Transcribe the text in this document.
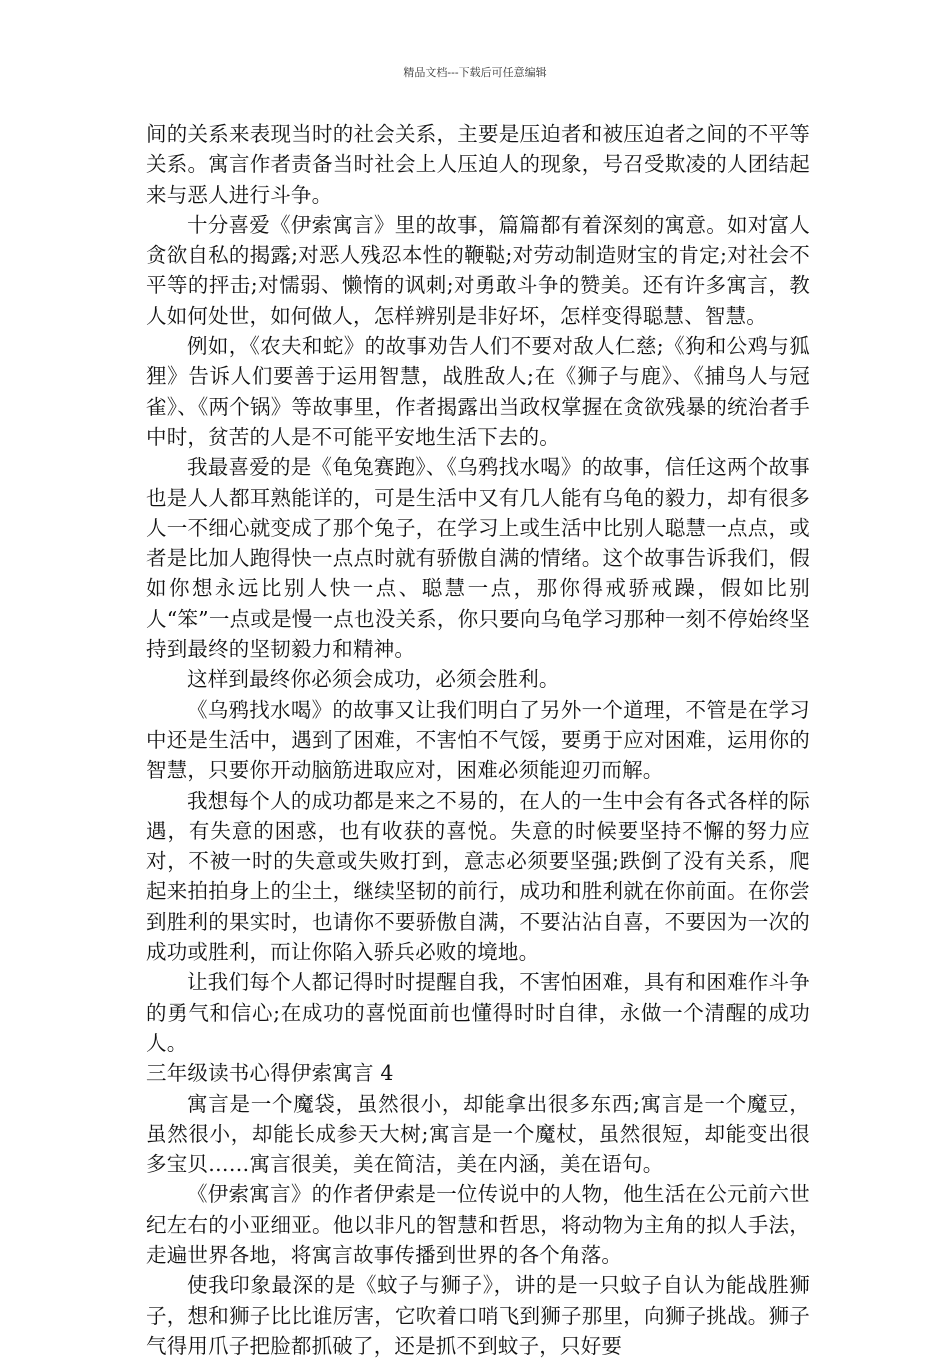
精品文档---下载后可任意编辑

间的关系来表现当时的社会关系，主要是压迫者和被压迫者之间的不平等关系。寓言作者责备当时社会上人压迫人的现象，号召受欺凌的人团结起来与恶人进行斗争。

十分喜爱《伊索寓言》里的故事，篇篇都有着深刻的寓意。如对富人贪欲自私的揭露;对恶人残忍本性的鞭鞑;对劳动制造财宝的肯定;对社会不平等的抨击;对懦弱、懒惰的讽刺;对勇敢斗争的赞美。还有许多寓言，教人如何处世，如何做人，怎样辨别是非好坏，怎样变得聪慧、智慧。

例如，《农夫和蛇》的故事劝告人们不要对敌人仁慈;《狗和公鸡与狐狸》告诉人们要善于运用智慧，战胜敌人;在《狮子与鹿》、《捕鸟人与冠雀》、《两个锅》等故事里，作者揭露出当政权掌握在贪欲残暴的统治者手中时，贫苦的人是不可能平安地生活下去的。

我最喜爱的是《龟兔赛跑》、《乌鸦找水喝》的故事，信任这两个故事也是人人都耳熟能详的，可是生活中又有几人能有乌龟的毅力，却有很多人一不细心就变成了那个兔子，在学习上或生活中比别人聪慧一点点，或者是比加人跑得快一点点时就有骄傲自满的情绪。这个故事告诉我们，假如你想永远比别人快一点、聪慧一点，那你得戒骄戒躁，假如比别人“笨”一点或是慢一点也没关系，你只要向乌龟学习那种一刻不停始终坚持到最终的坚韧毅力和精神。

这样到最终你必须会成功，必须会胜利。

《乌鸦找水喝》的故事又让我们明白了另外一个道理，不管是在学习中还是生活中，遇到了困难，不害怕不气馁，要勇于应对困难，运用你的智慧，只要你开动脑筋进取应对，困难必须能迎刃而解。

我想每个人的成功都是来之不易的，在人的一生中会有各式各样的际遇，有失意的困惑，也有收获的喜悦。失意的时候要坚持不懈的努力应对，不被一时的失意或失败打到，意志必须要坚强;跌倒了没有关系，爬起来拍拍身上的尘土，继续坚韧的前行，成功和胜利就在你前面。在你尝到胜利的果实时，也请你不要骄傲自满，不要沾沾自喜，不要因为一次的成功或胜利，而让你陷入骄兵必败的境地。

让我们每个人都记得时时提醒自我，不害怕困难，具有和困难作斗争的勇气和信心;在成功的喜悦面前也懂得时时自律，永做一个清醒的成功人。

三年级读书心得伊索寓言 4

寓言是一个魔袋，虽然很小，却能拿出很多东西;寓言是一个魔豆，虽然很小，却能长成参天大树;寓言是一个魔杖，虽然很短，却能变出很多宝贝……寓言很美，美在简洁，美在内涵，美在语句。

《伊索寓言》的作者伊索是一位传说中的人物，他生活在公元前六世纪左右的小亚细亚。他以非凡的智慧和哲思，将动物为主角的拟人手法，走遍世界各地，将寓言故事传播到世界的各个角落。

使我印象最深的是《蚊子与狮子》，讲的是一只蚊子自认为能战胜狮子，想和狮子比比谁厉害，它吹着口哨飞到狮子那里，向狮子挑战。狮子气得用爪子把脸都抓破了，还是抓不到蚊子，只好要
